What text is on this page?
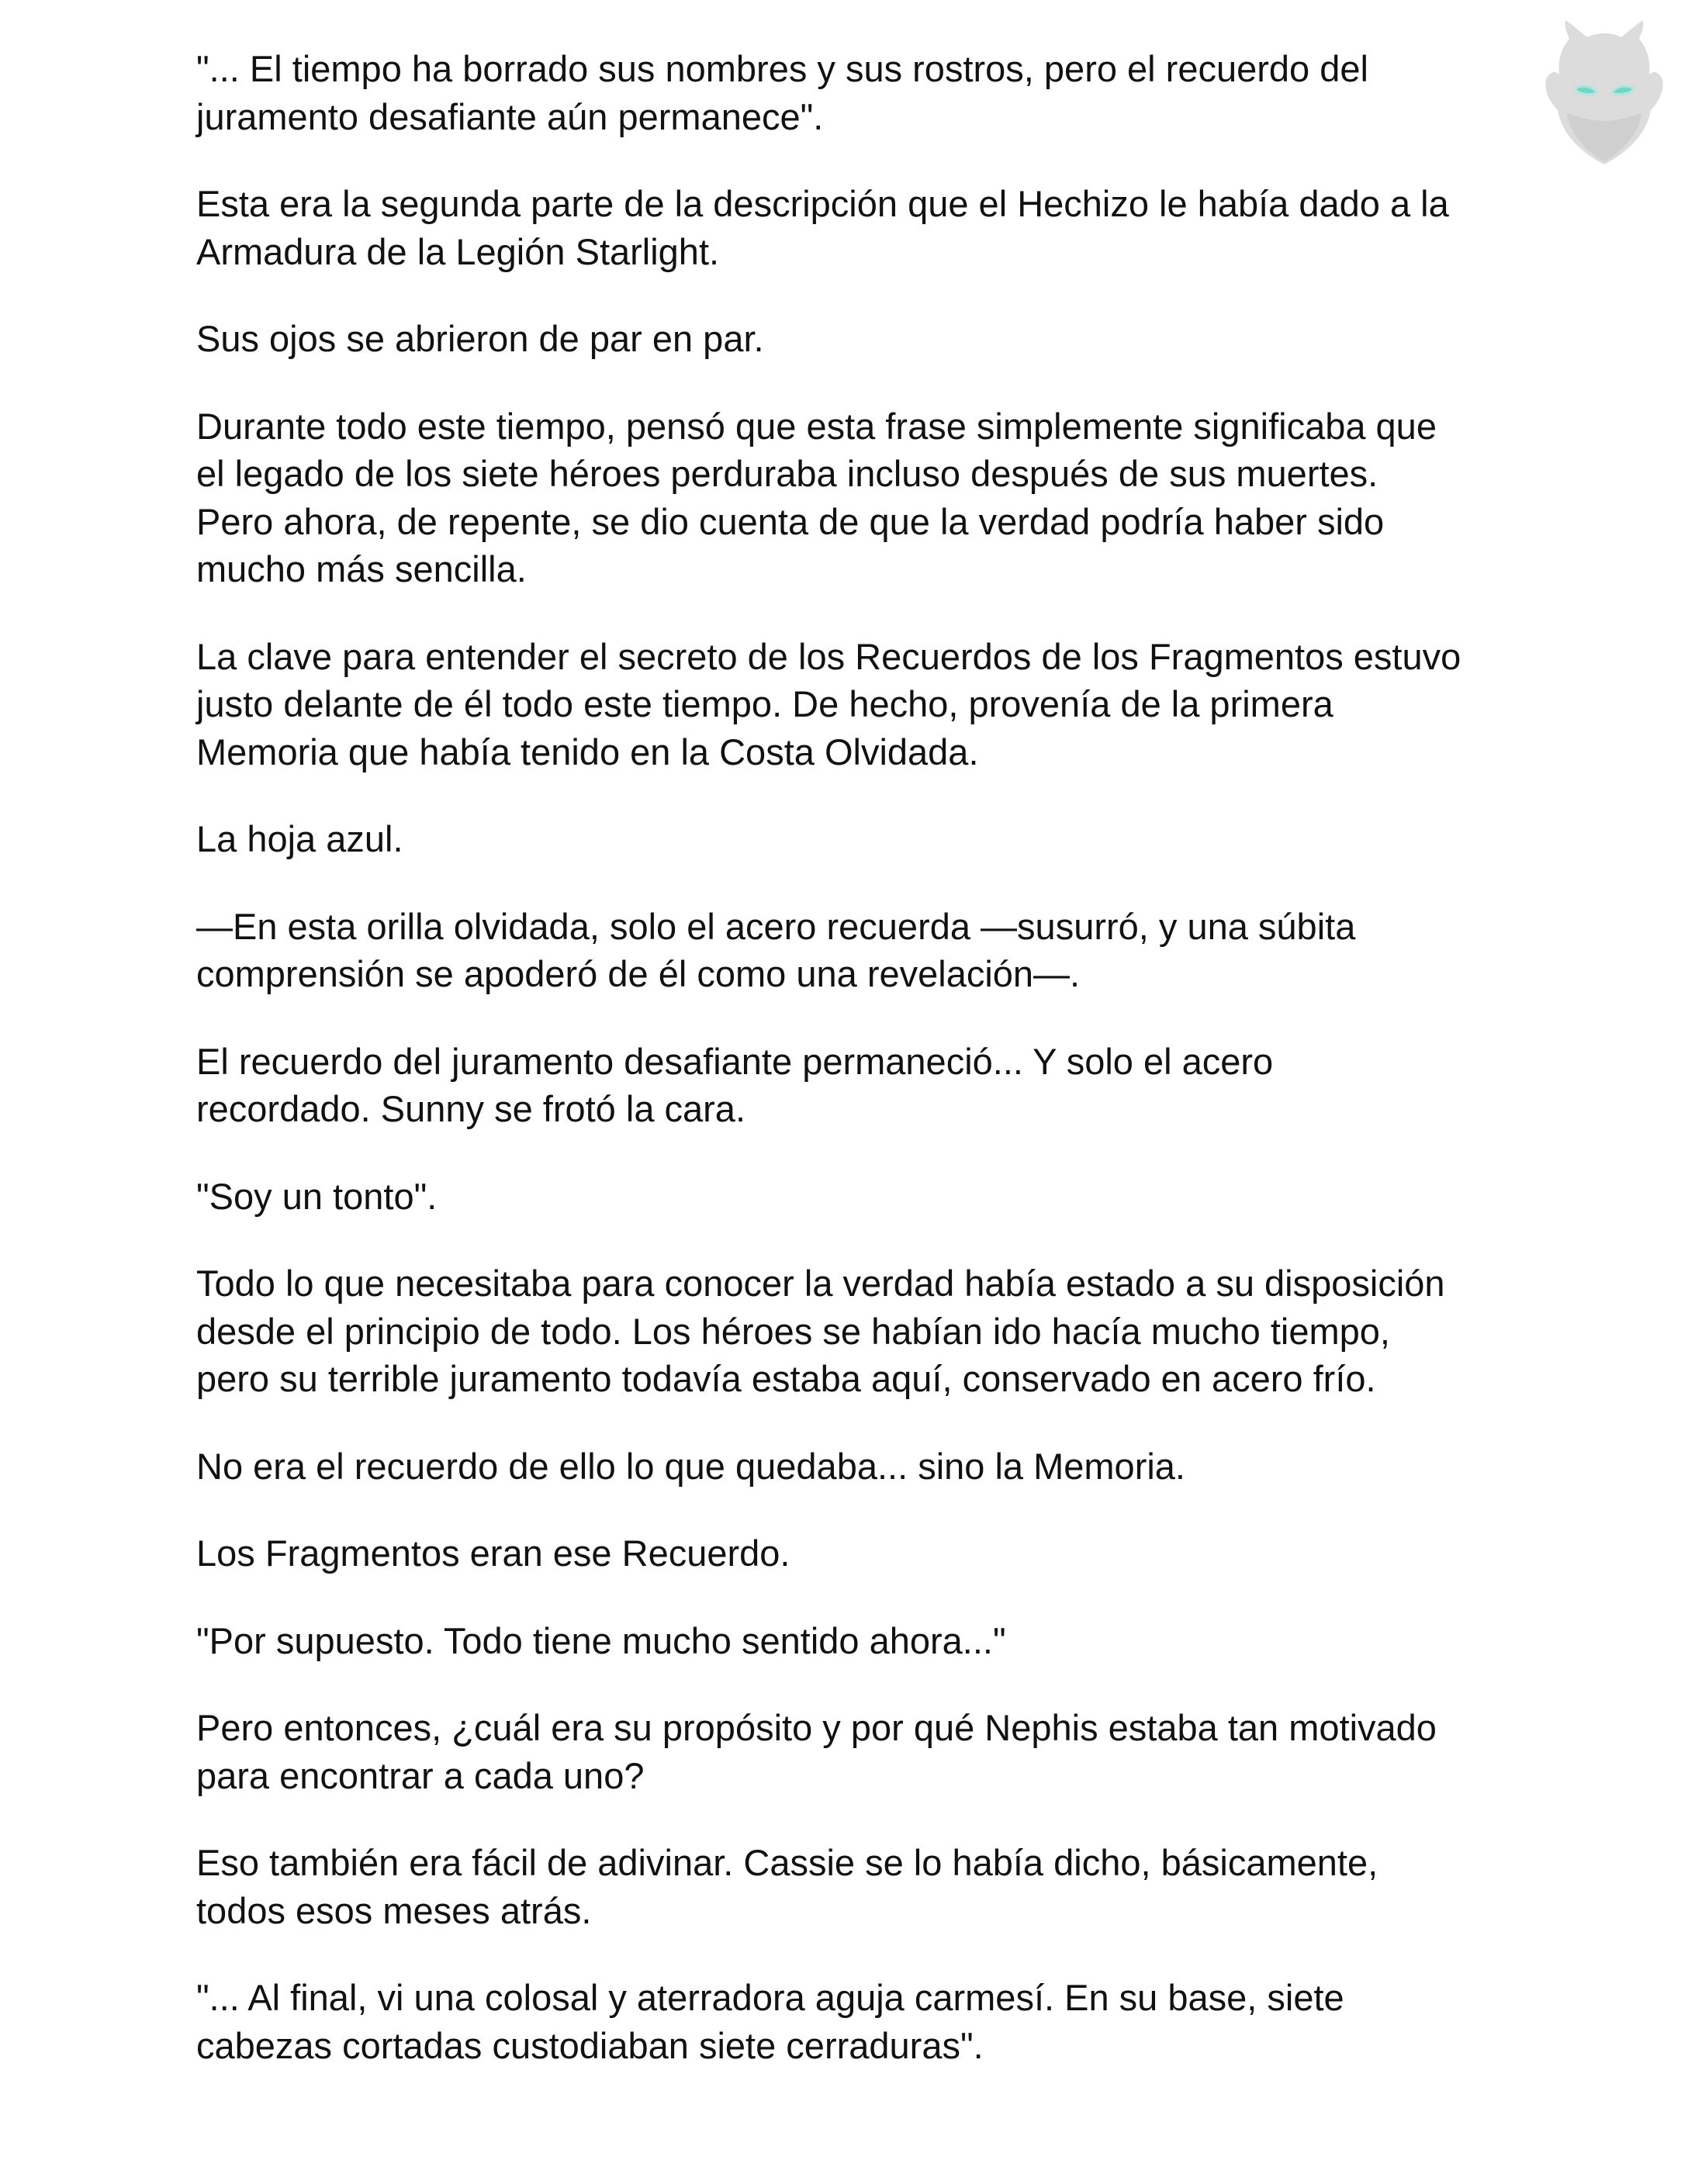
"... El tiempo ha borrado sus nombres y sus rostros, pero el recuerdo del
juramento desafiante aún permanece".

Esta era la segunda parte de la descripción que el Hechizo le había dado a la
Armadura de la Legión Starlight.

Sus ojos se abrieron de par en par.

Durante todo este tiempo, pensó que esta frase simplemente significaba que
el legado de los siete héroes perduraba incluso después de sus muertes.
Pero ahora, de repente, se dio cuenta de que la verdad podría haber sido
mucho más sencilla.

La clave para entender el secreto de los Recuerdos de los Fragmentos estuvo
justo delante de él todo este tiempo. De hecho, provenía de la primera
Memoria que había tenido en la Costa Olvidada.

La hoja azul.

—En esta orilla olvidada, solo el acero recuerda —susurró, y una súbita
comprensión se apoderó de él como una revelación—.

El recuerdo del juramento desafiante permaneció... Y solo el acero
recordado. Sunny se frotó la cara.

"Soy un tonto".

Todo lo que necesitaba para conocer la verdad había estado a su disposición
desde el principio de todo. Los héroes se habían ido hacía mucho tiempo,
pero su terrible juramento todavía estaba aquí, conservado en acero frío.

No era el recuerdo de ello lo que quedaba... sino la Memoria.

Los Fragmentos eran ese Recuerdo.

"Por supuesto. Todo tiene mucho sentido ahora..."

Pero entonces, ¿cuál era su propósito y por qué Nephis estaba tan motivado
para encontrar a cada uno?

Eso también era fácil de adivinar. Cassie se lo había dicho, básicamente,
todos esos meses atrás.

"... Al final, vi una colosal y aterradora aguja carmesí. En su base, siete
cabezas cortadas custodiaban siete cerraduras".
